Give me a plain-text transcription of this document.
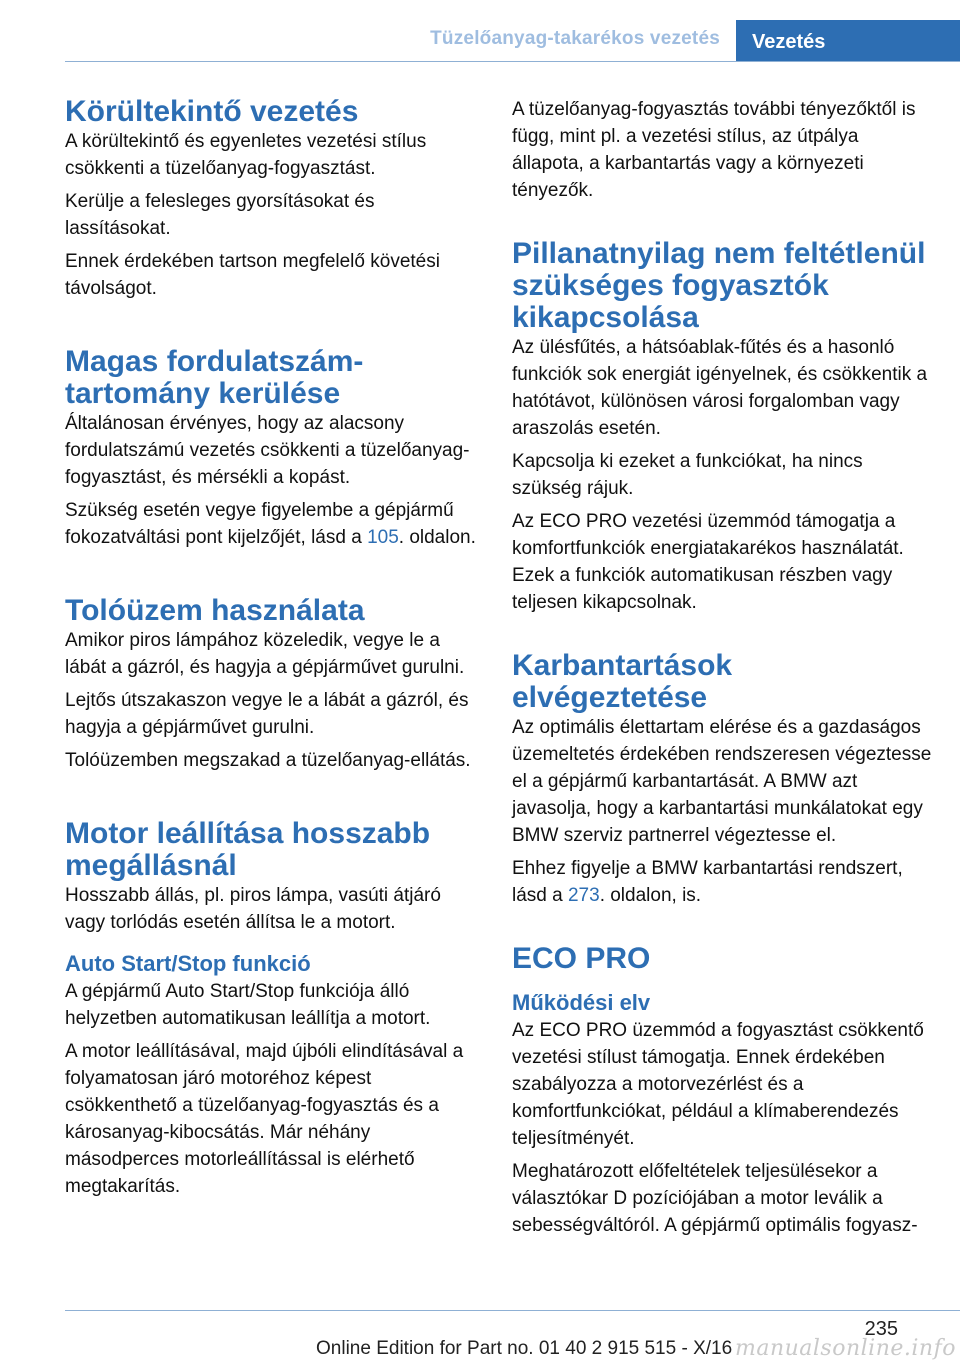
Tüzelőanyag-takarékos vezetés	Vezetés
Körültekintő vezetés

A körültekintő és egyenletes vezetési stílus csökkenti a tüzelőanyag-fogyasztást.

Kerülje a felesleges gyorsításokat és lassításokat.

Ennek érdekében tartson megfelelő követési távolságot.

Magas fordulatszám-tartomány kerülése

Általánosan érvényes, hogy az alacsony fordulatszámú vezetés csökkenti a tüzelőanyag-fogyasztást, és mérsékli a kopást.

Szükség esetén vegye figyelembe a gépjármű fokozatváltási pont kijelzőjét, lásd a 105. oldalon.

Tolóüzem használata

Amikor piros lámpához közeledik, vegye le a lábát a gázról, és hagyja a gépjárművet gurulni.

Lejtős útszakaszon vegye le a lábát a gázról, és hagyja a gépjárművet gurulni.

Tolóüzemben megszakad a tüzelőanyag-ellátás.

Motor leállítása hosszabb megállásnál

Hosszabb állás, pl. piros lámpa, vasúti átjáró vagy torlódás esetén állítsa le a motort.

Auto Start/Stop funkció

A gépjármű Auto Start/Stop funkciója álló helyzetben automatikusan leállítja a motort.

A motor leállításával, majd újbóli elindításával a folyamatosan járó motoréhoz képest csökkenthető a tüzelőanyag-fogyasztás és a károsanyag-kibocsátás. Már néhány másodperces motorleállítással is elérhető megtakarítás.

A tüzelőanyag-fogyasztás további tényezőktől is függ, mint pl. a vezetési stílus, az útpálya állapota, a karbantartás vagy a környezeti tényezők.

Pillanatnyilag nem feltétlenül szükséges fogyasztók kikapcsolása

Az ülésfűtés, a hátsóablak-fűtés és a hasonló funkciók sok energiát igényelnek, és csökkentik a hatótávot, különösen városi forgalomban vagy araszolás esetén.

Kapcsolja ki ezeket a funkciókat, ha nincs szükség rájuk.

Az ECO PRO vezetési üzemmód támogatja a komfortfunkciók energiatakarékos használatát. Ezek a funkciók automatikusan részben vagy teljesen kikapcsolnak.

Karbantartások elvégeztetése

Az optimális élettartam elérése és a gazdaságos üzemeltetés érdekében rendszeresen végeztesse el a gépjármű karbantartását. A BMW azt javasolja, hogy a karbantartási munkálatokat egy BMW szerviz partnerrel végeztesse el.

Ehhez figyelje a BMW karbantartási rendszert, lásd a 273. oldalon, is.

ECO PRO
Működési elv

Az ECO PRO üzemmód a fogyasztást csökkentő vezetési stílust támogatja. Ennek érdekében szabályozza a motorvezérlést és a komfortfunkciókat, például a klímaberendezés teljesítményét.

Meghatározott előfeltételek teljesülésekor a választókar D pozíciójában a motor leválik a sebességváltóról. A gépjármű optimális fogyasz-

235
Online Edition for Part no. 01 40 2 915 515 - X/16 manualsonline.info
